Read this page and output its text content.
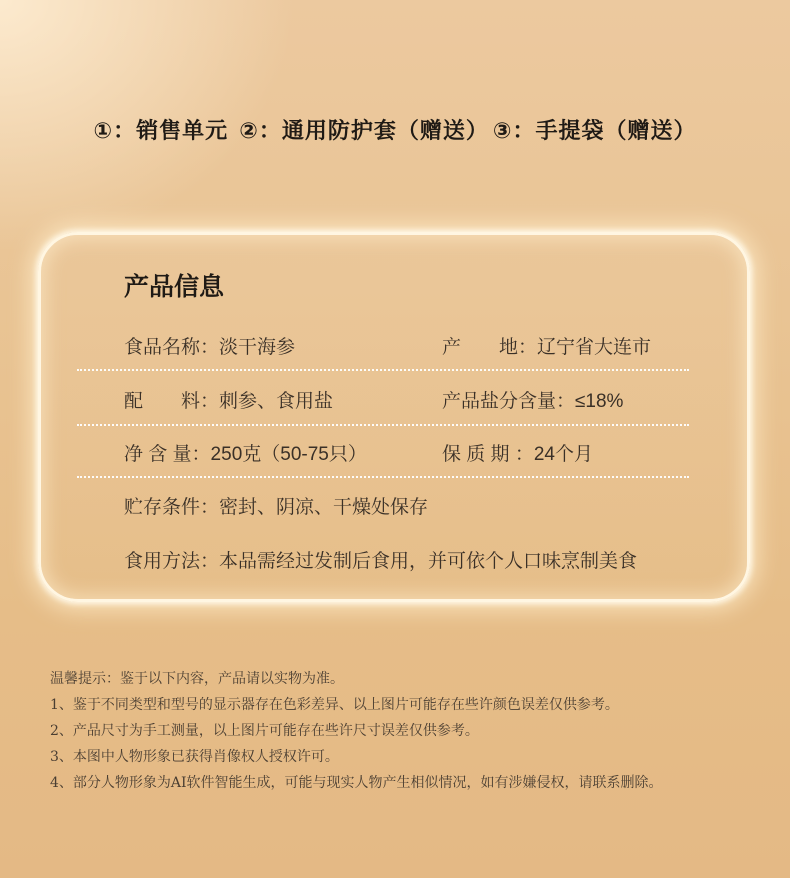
①：销售单元 ②：通用防护套（赠送） ③：手提袋（赠送）
产品信息
食品名称：淡干海参	产　　地：辽宁省大连市
配　　料：刺参、食用盐	产品盐分含量：≤18%
净 含 量：250克（50-75只）	保 质 期 ：24个月
贮存条件：密封、阴凉、干燥处保存
食用方法：本品需经过发制后食用，并可依个人口味烹制美食
温馨提示：鉴于以下内容，产品请以实物为准。
1、鉴于不同类型和型号的显示器存在色彩差异、以上图片可能存在些许颜色误差仅供参考。
2、产品尺寸为手工测量，以上图片可能存在些许尺寸误差仅供参考。
3、本图中人物形象已获得肖像权人授权许可。
4、部分人物形象为AI软件智能生成，可能与现实人物产生相似情况，如有涉嫌侵权，请联系删除。
